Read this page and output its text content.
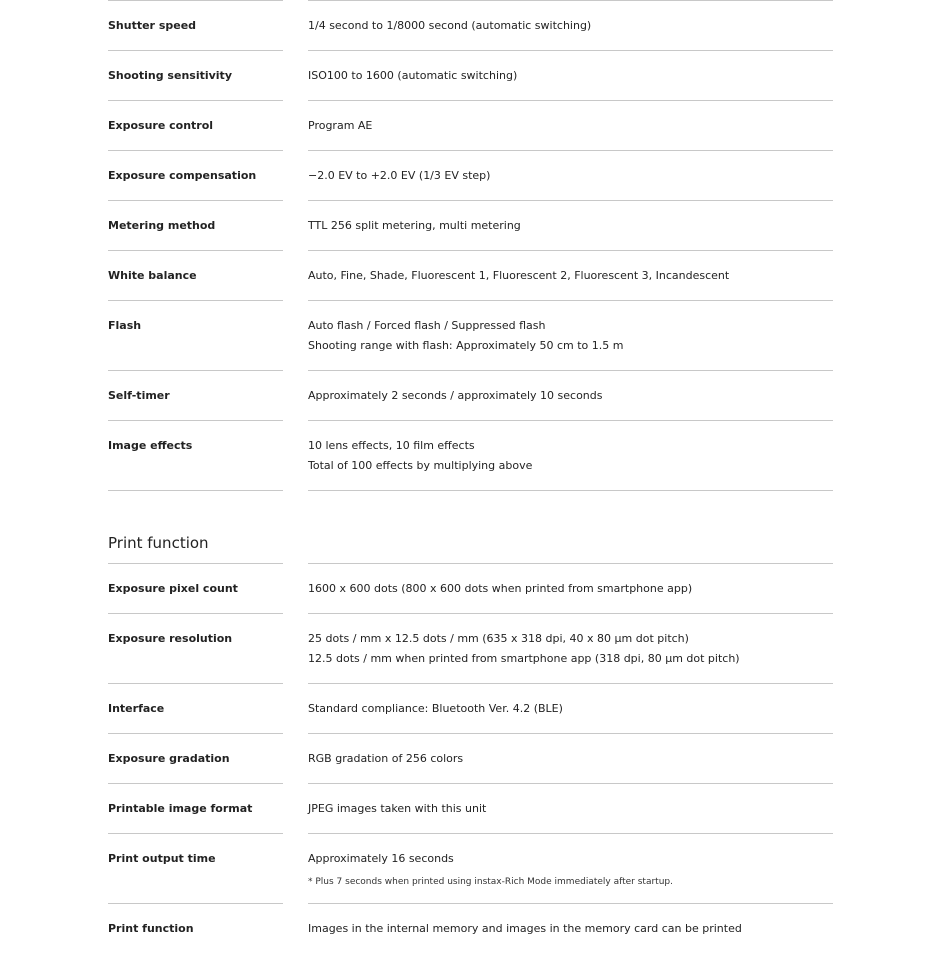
Shutter speed	1/4 second to 1/8000 second (automatic switching)
Shooting sensitivity	ISO100 to 1600 (automatic switching)
Exposure control	Program AE
Exposure compensation	−2.0 EV to +2.0 EV (1/3 EV step)
Metering method	TTL 256 split metering, multi metering
White balance	Auto, Fine, Shade, Fluorescent 1, Fluorescent 2, Fluorescent 3, Incandescent
Flash	Auto flash / Forced flash / Suppressed flash
Shooting range with flash: Approximately 50 cm to 1.5 m
Self-timer	Approximately 2 seconds / approximately 10 seconds
Image effects	10 lens effects, 10 film effects
Total of 100 effects by multiplying above
Print function
Exposure pixel count	1600 x 600 dots (800 x 600 dots when printed from smartphone app)
Exposure resolution	25 dots / mm x 12.5 dots / mm (635 x 318 dpi, 40 x 80 μm dot pitch)
12.5 dots / mm when printed from smartphone app (318 dpi, 80 μm dot pitch)
Interface	Standard compliance: Bluetooth Ver. 4.2 (BLE)
Exposure gradation	RGB gradation of 256 colors
Printable image format	JPEG images taken with this unit
Print output time	Approximately 16 seconds
* Plus 7 seconds when printed using instax-Rich Mode immediately after startup.
Print function	Images in the internal memory and images in the memory card can be printed
